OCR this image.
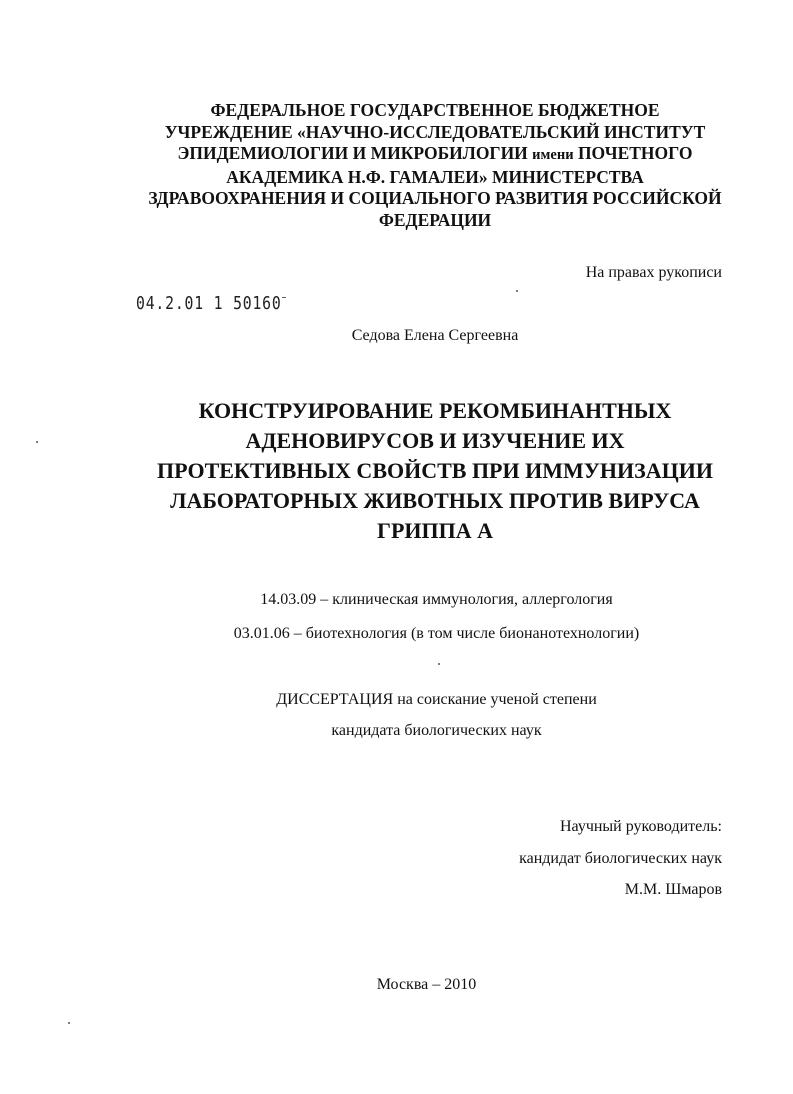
ФЕДЕРАЛЬНОЕ ГОСУДАРСТВЕННОЕ БЮДЖЕТНОЕ
УЧРЕЖДЕНИЕ «НАУЧНО-ИССЛЕДОВАТЕЛЬСКИЙ ИНСТИТУТ
ЭПИДЕМИОЛОГИИ И МИКРОБИЛОГИИ имени ПОЧЕТНОГО
АКАДЕМИКА Н.Ф. ГАМАЛЕИ» МИНИСТЕРСТВА
ЗДРАВООХРАНЕНИЯ И СОЦИАЛЬНОГО РАЗВИТИЯ РОССИЙСКОЙ
ФЕДЕРАЦИИ
На правах рукописи
04.2.01 1 50160
Седова Елена Сергеевна
КОНСТРУИРОВАНИЕ РЕКОМБИНАНТНЫХ
АДЕНОВИРУСОВ И ИЗУЧЕНИЕ ИХ
ПРОТЕКТИВНЫХ СВОЙСТВ ПРИ ИММУНИЗАЦИИ
ЛАБОРАТОРНЫХ ЖИВОТНЫХ ПРОТИВ ВИРУСА
ГРИППА А
14.03.09 – клиническая иммунология, аллергология
03.01.06 – биотехнология (в том числе бионанотехнологии)
ДИССЕРТАЦИЯ на соискание ученой степени
кандидата биологических наук
Научный руководитель:
кандидат биологических наук
М.М. Шмаров
Москва – 2010
